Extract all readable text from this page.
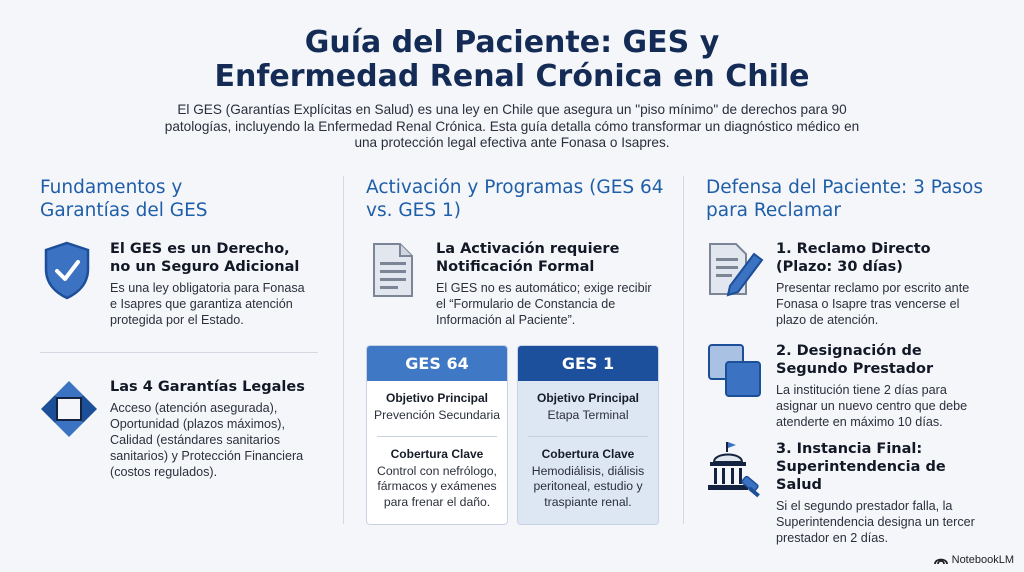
Guía del Paciente: GES y
Enfermedad Renal Crónica en Chile
El GES (Garantías Explícitas en Salud) es una ley en Chile que asegura un "piso mínimo" de derechos para 90 patologías, incluyendo la Enfermedad Renal Crónica. Esta guía detalla cómo transformar un diagnóstico médico en una protección legal efectiva ante Fonasa o Isapres.
Fundamentos y Garantías del GES
El GES es un Derecho, no un Seguro Adicional

Es una ley obligatoria para Fonasa e Isapres que garantiza atención protegida por el Estado.

Las 4 Garantías Legales

Acceso (atención asegurada), Oportunidad (plazos máximos), Calidad (estándares sanitarios sanitarios) y Protección Financiera (costos regulados).

Activación y Programas (GES 64 vs. GES 1)
La Activación requiere Notificación Formal

El GES no es automático; exige recibir el “Formulario de Constancia de Información al Paciente”.

GES 64
Objetivo Principal
Prevención Secundaria
Cobertura Clave
Control con nefrólogo, fármacos y exámenes para frenar el daño.
GES 1
Objetivo Principal
Etapa Terminal
Cobertura Clave
Hemodiálisis, diálisis peritoneal, estudio y traspiante renal.
Defensa del Paciente: 3 Pasos para Reclamar
1. Reclamo Directo (Plazo: 30 días)

Presentar reclamo por escrito ante Fonasa o Isapre tras vencerse el plazo de atención.

2. Designación de Segundo Prestador

La institución tiene 2 días para asignar un nuevo centro que debe atenderte en máximo 10 días.

3. Instancia Final: Superintendencia de Salud

Si el segundo prestador falla, la Superintendencia designa un tercer prestador en 2 días.

NotebookLM
